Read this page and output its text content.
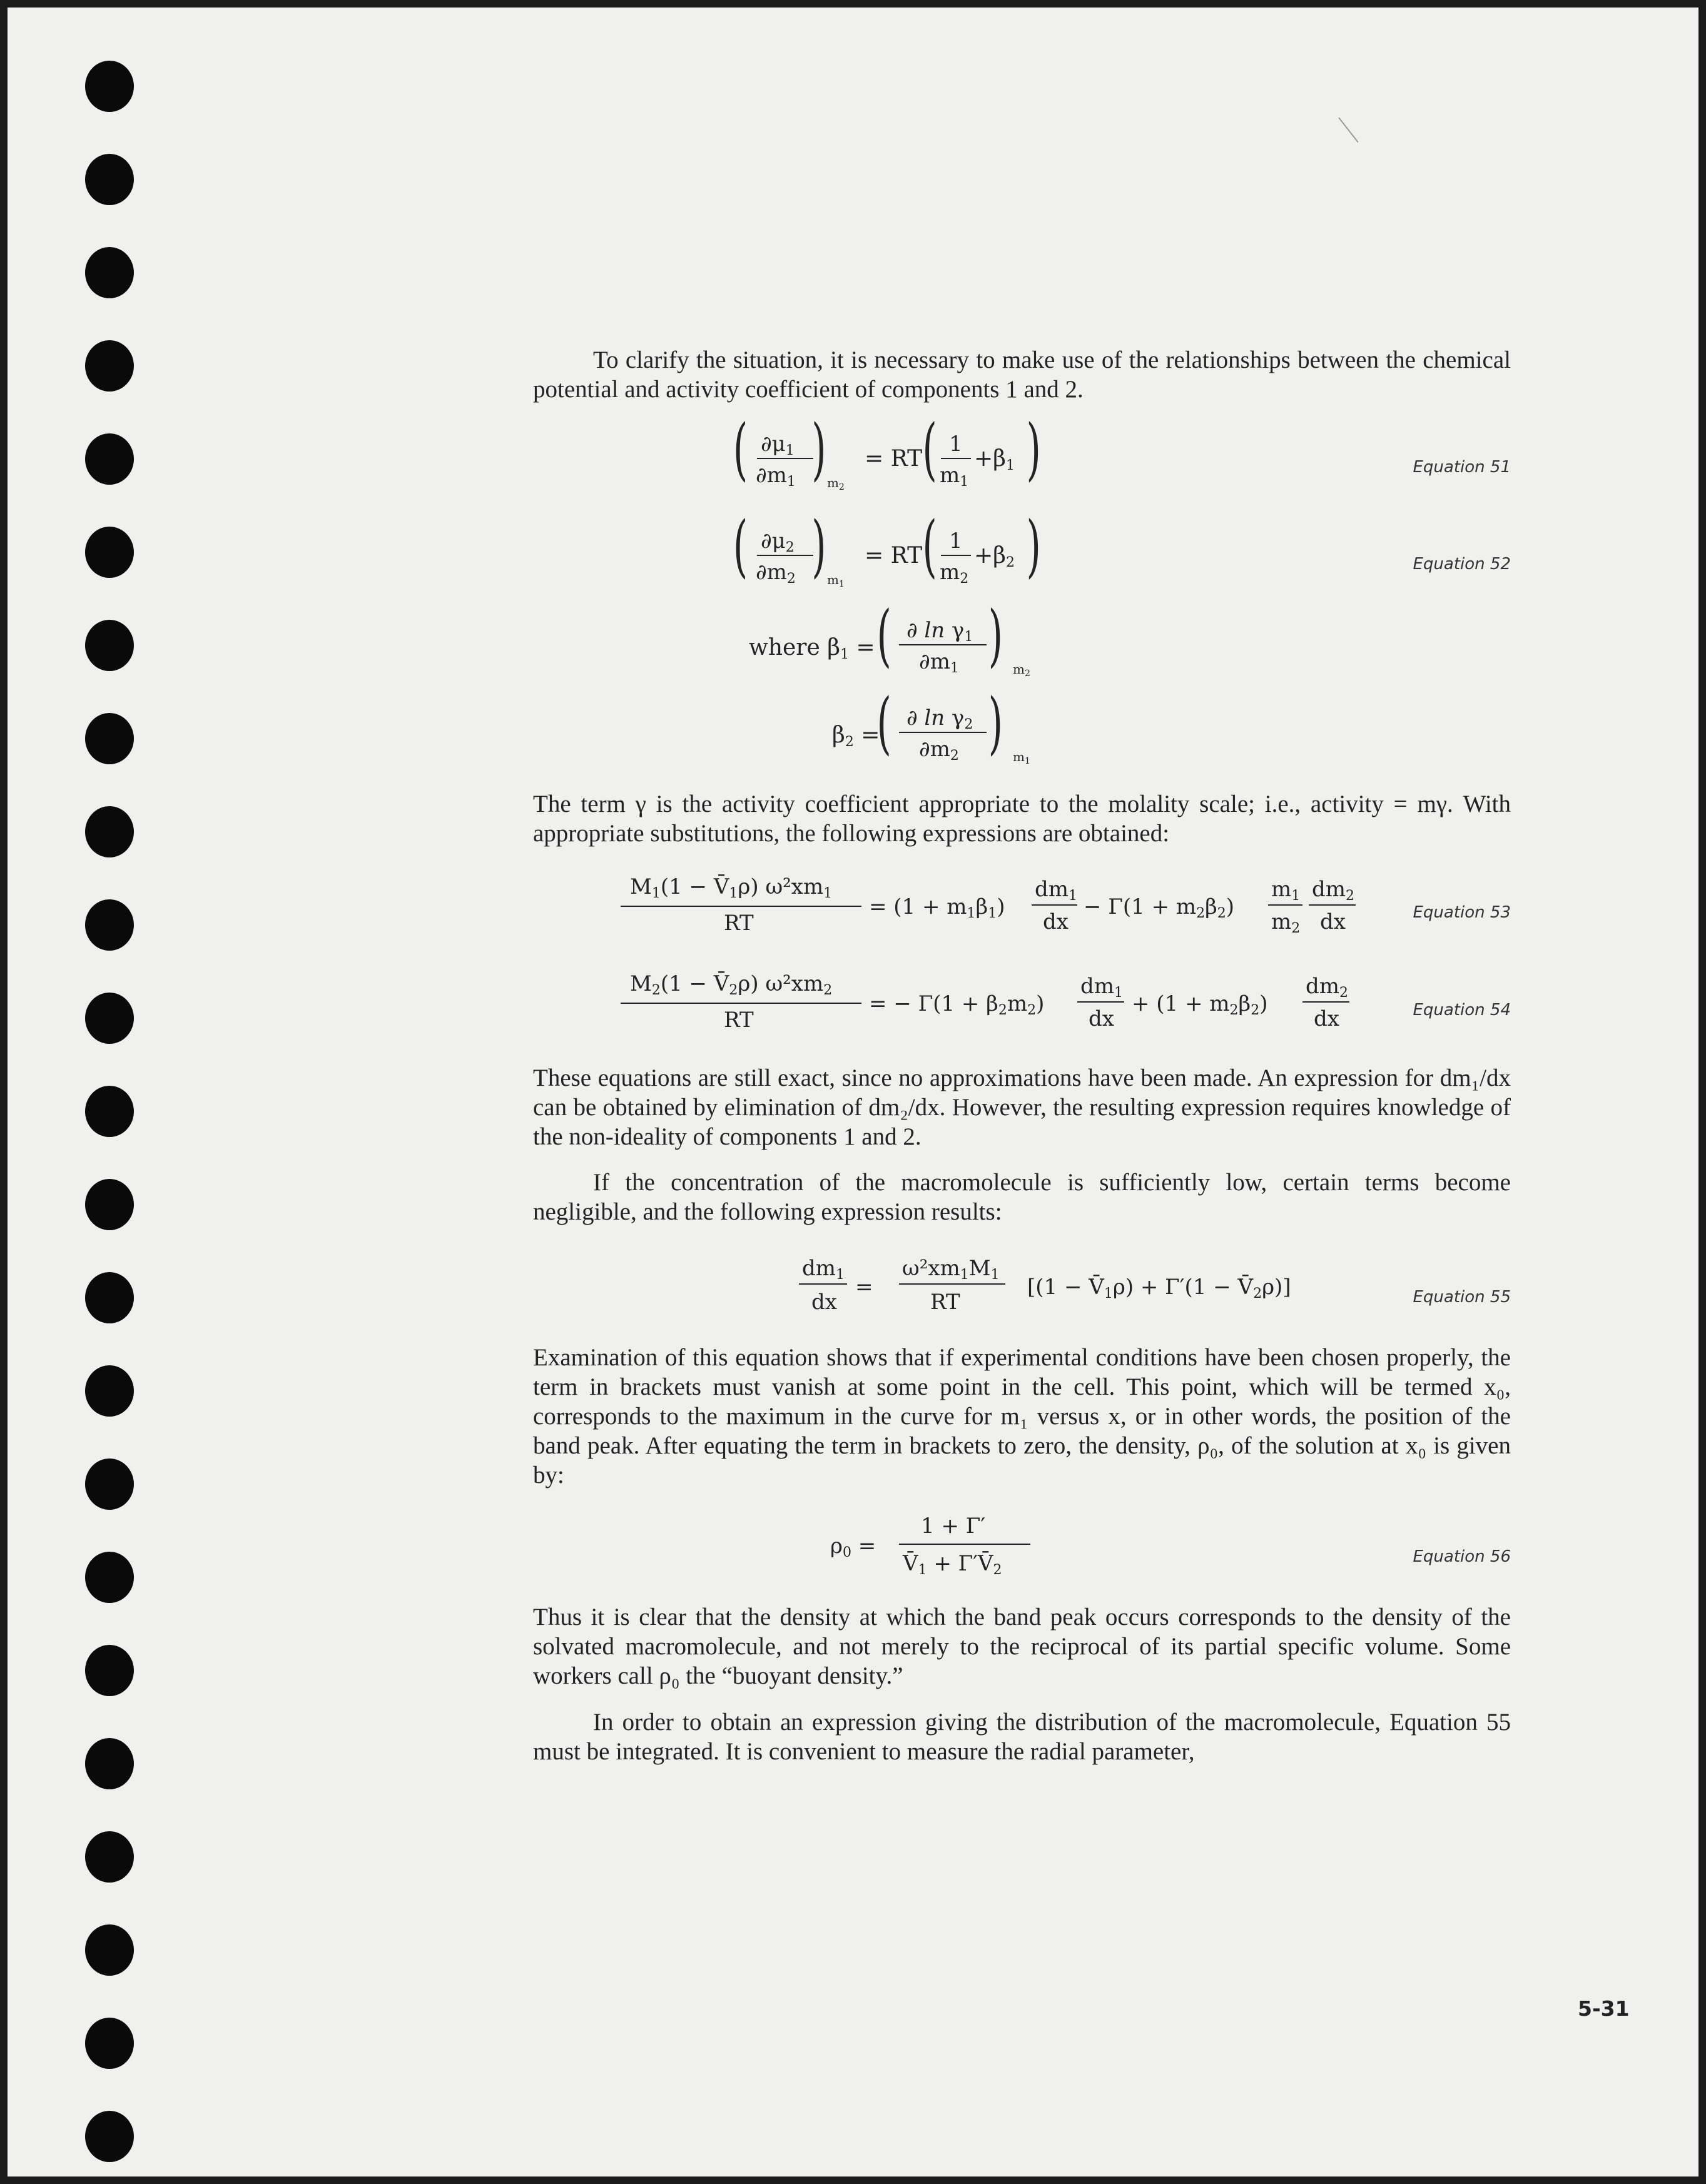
To clarify the situation, it is necessary to make use of the relationships between the chemical potential and activity coefficient of components 1 and 2.

( ∂μ1
∂m1 ) $m_2$
= RT ( 1
m1
+β1 )	Equation 51
( ∂μ2
∂m2 ) $m_1$
= RT ( 1
m2
+β2 )	Equation 52
where β1 = ( ∂ ln γ1
∂m1 ) $m_2$
β2 =
( ∂ ln γ2
∂m2 ) $m_1$

The term γ is the activity coefficient appropriate to the molality scale; i.e., activity = mγ. With appropriate substitutions, the following expressions are obtained:

M1(1 − V̄1ρ) ω²xm1
RT
= (1 + m1β1)
dm1
dx
− Γ(1 + m2β2)
m1
m2
dm2
dx	Equation 53
M2(1 − V̄2ρ) ω²xm2
RT
= − Γ(1 + β2m2)
dm1
dx
+ (1 + m2β2)
dm2
dx	Equation 54

These equations are still exact, since no approximations have been made. An expression for dm₁/dx can be obtained by elimination of dm₂/dx. However, the resulting expression requires knowledge of the non-ideality of components 1 and 2.

If the concentration of the macromolecule is sufficiently low, certain terms become negligible, and the following expression results:

dm1
dx
=
ω²xm1M1
RT
[(1 − V̄1ρ) + Γ′(1 − V̄2ρ)]	Equation 55

Examination of this equation shows that if experimental conditions have been chosen properly, the term in brackets must vanish at some point in the cell. This point, which will be termed x₀, corresponds to the maximum in the curve for m₁ versus x, or in other words, the position of the band peak. After equating the term in brackets to zero, the density, ρ₀, of the solution at x₀ is given by:

ρ0 =
1 + Γ′
V̄1 + Γ′V̄2
Equation 56

Thus it is clear that the density at which the band peak occurs corresponds to the density of the solvated macromolecule, and not merely to the reciprocal of its partial specific volume. Some workers call ρ₀ the “buoyant density.”

In order to obtain an expression giving the distribution of the macromolecule, Equation 55 must be integrated. It is convenient to measure the radial parameter,

5-31
